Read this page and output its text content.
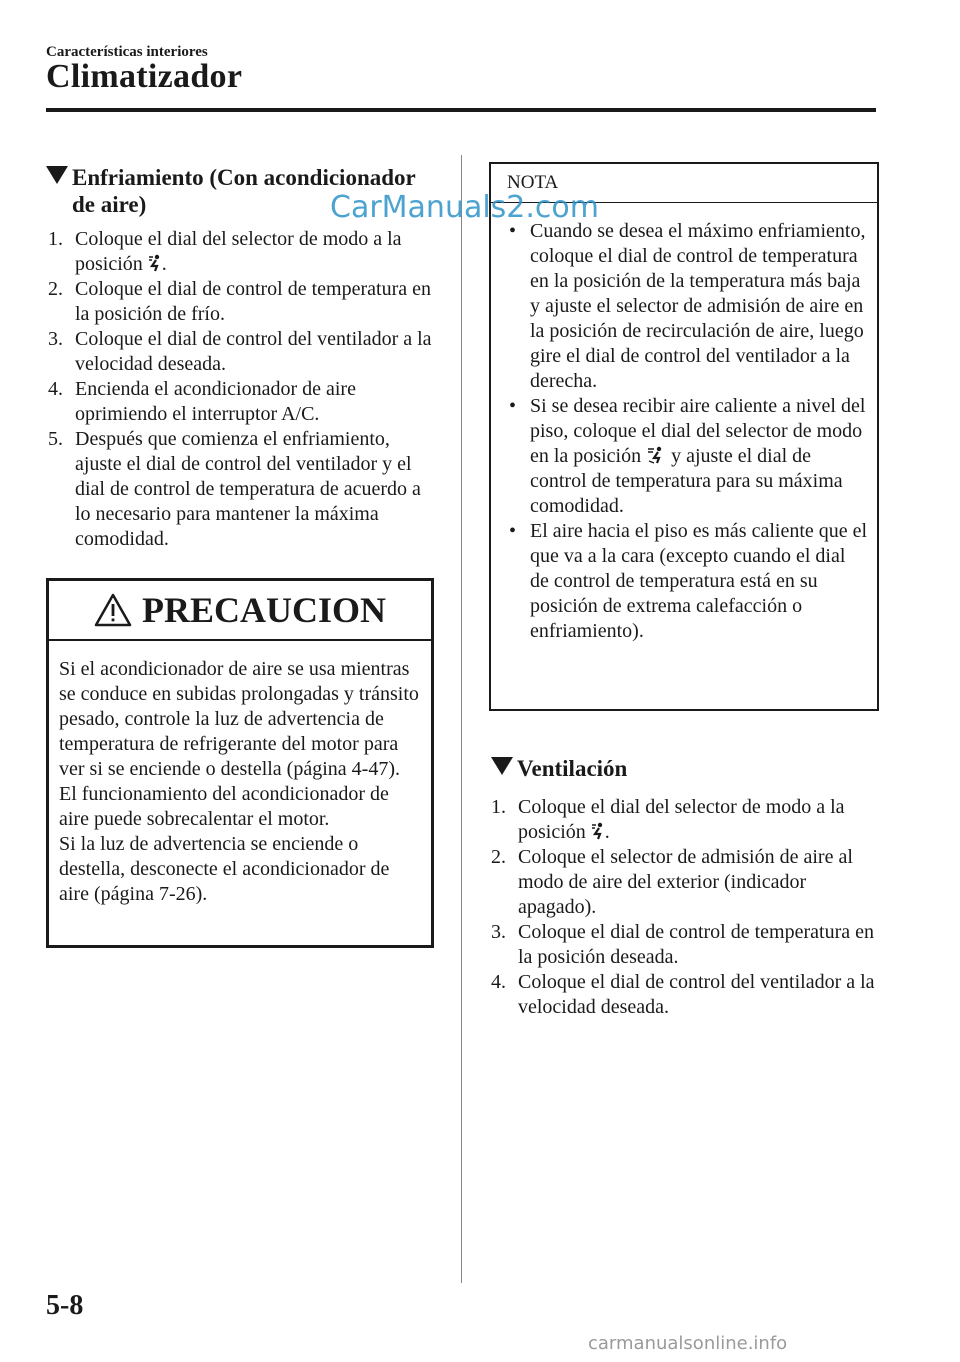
Características interiores
Climatizador
Enfriamiento (Con acondicionador
de aire)
1. Coloque el dial del selector de modo a la posición .
2. Coloque el dial de control de temperatura en la posición de frío.
3. Coloque el dial de control del ventilador a la velocidad deseada.
4. Encienda el acondicionador de aire oprimiendo el interruptor A/C.
5. Después que comienza el enfriamiento, ajuste el dial de control del ventilador y el dial de control de temperatura de acuerdo a lo necesario para mantener la máxima comodidad.
PRECAUCION
Si el acondicionador de aire se usa mientras se conduce en subidas prolongadas y tránsito pesado, controle la luz de advertencia de temperatura de refrigerante del motor para ver si se enciende o destella (página 4-47).
El funcionamiento del acondicionador de aire puede sobrecalentar el motor.
Si la luz de advertencia se enciende o destella, desconecte el acondicionador de aire (página 7-26).
NOTA
• Cuando se desea el máximo enfriamiento, coloque el dial de control de temperatura en la posición de la temperatura más baja y ajuste el selector de admisión de aire en la posición de recirculación de aire, luego gire el dial de control del ventilador a la derecha.
• Si se desea recibir aire caliente a nivel del piso, coloque el dial del selector de modo en la posición  y ajuste el dial de control de temperatura para su máxima comodidad.
• El aire hacia el piso es más caliente que el que va a la cara (excepto cuando el dial de control de temperatura está en su posición de extrema calefacción o enfriamiento).
Ventilación
1. Coloque el dial del selector de modo a la posición .
2. Coloque el selector de admisión de aire al modo de aire del exterior (indicador apagado).
3. Coloque el dial de control de temperatura en la posición deseada.
4. Coloque el dial de control del ventilador a la velocidad deseada.
CarManuals2.com
5-8
carmanualsonline.info
